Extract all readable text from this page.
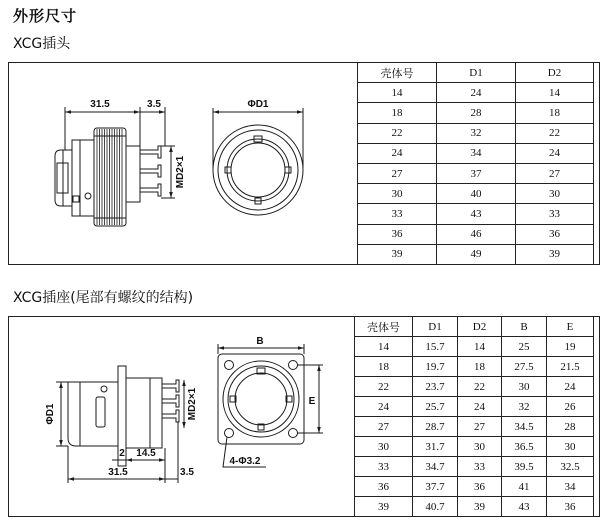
外形尺寸
XCG插头
XCG插座(尾部有螺纹的结构)
31.5	3.5
MD2×1
ΦD1
ΦD1	MD2×1
2 14.5
31.5	3.5
B
E
4-Φ3.2
壳体号	D1	D2
14	24	14
18	28	18
22	32	22
24	34	24
27	37	27
30	40	30
33	43	33
36	46	36
39	49	39
壳体号	D1	D2	B	E
14	15.7	14	25	19
18	19.7	18	27.5	21.5
22	23.7	22	30	24
24	25.7	24	32	26
27	28.7	27	34.5	28
30	31.7	30	36.5	30
33	34.7	33	39.5	32.5
36	37.7	36	41	34
39	40.7	39	43	36
